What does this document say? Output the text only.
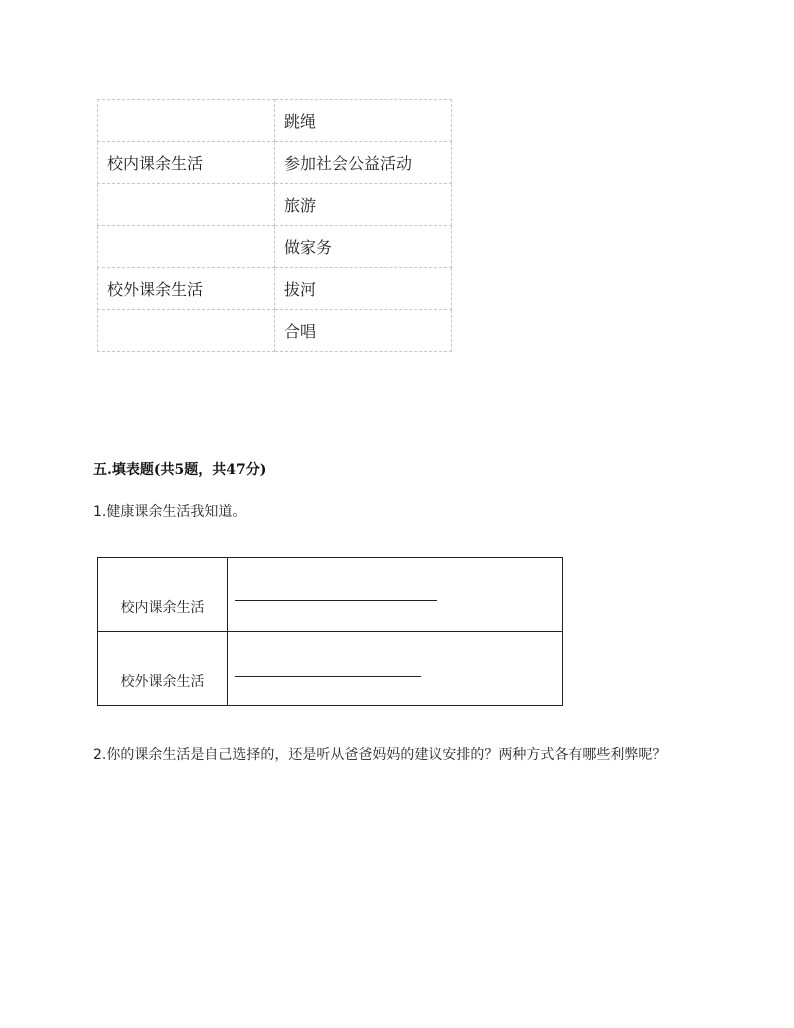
	跳绳
校内课余生活	参加社会公益活动
	旅游
	做家务
校外课余生活	拔河
	合唱
五.填表题(共5题，共47分)
1.健康课余生活我知道。
校内课余生活	

校外课余生活	
2.你的课余生活是自己选择的，还是听从爸爸妈妈的建议安排的？两种方式各有哪些利弊呢？
